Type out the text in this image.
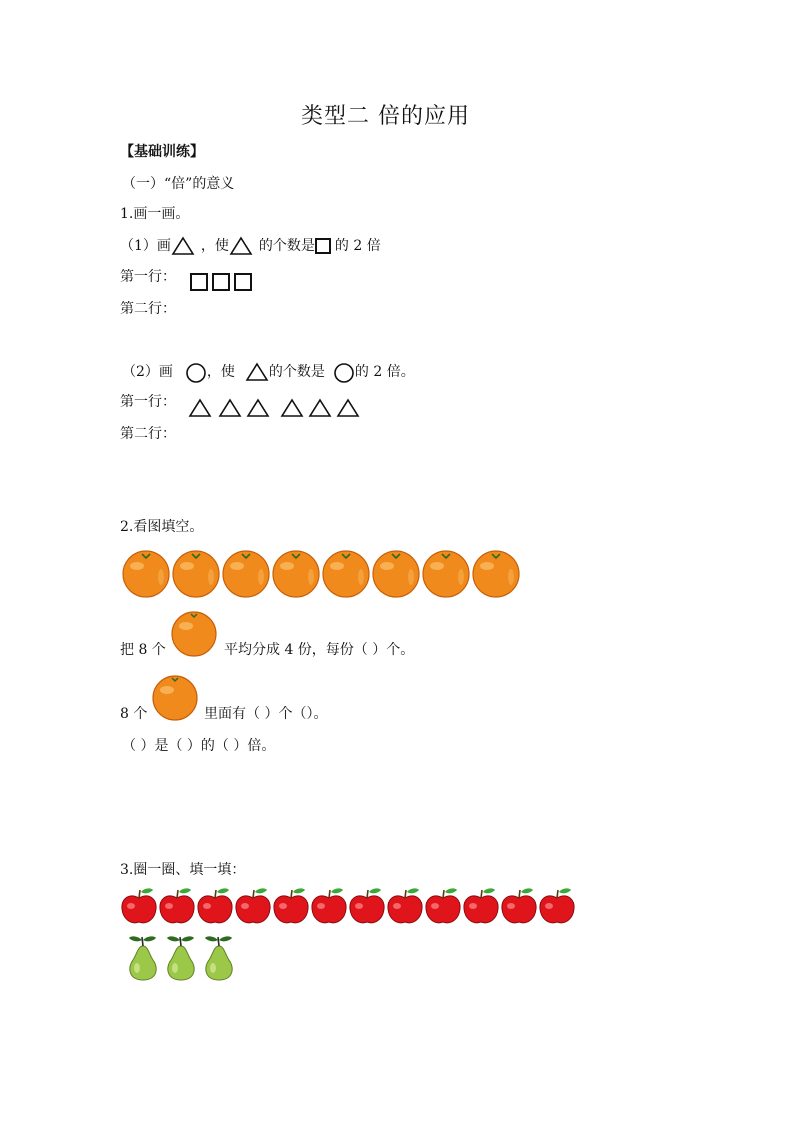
类型二 倍的应用
【基础训练】
（一）“倍”的意义
1.画一画。
（1）画 ，使 的个数是 的 2 倍
第一行：
第二行：
（2）画 ，使 的个数是 的 2 倍。
第一行：
第二行：
2.看图填空。
把 8 个	平均分成 4 份，每份（ ）个。
8 个	里面有（ ）个（）。
（ ）是（ ）的（ ）倍。
3.圈一圈、填一填：
